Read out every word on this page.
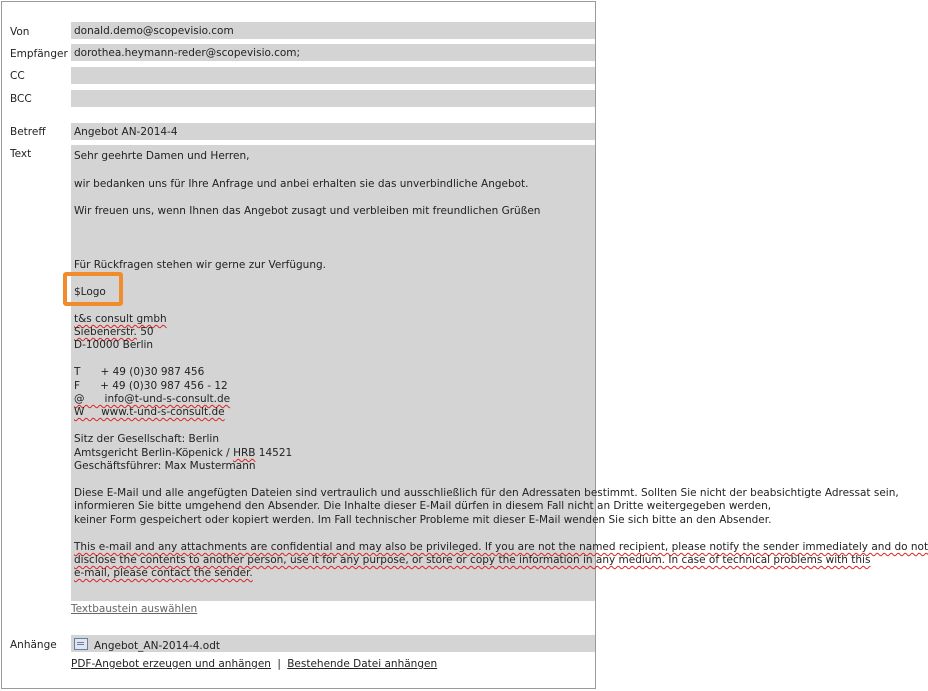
Von	donald.demo@scopevisio.com
Empfänger dorothea.heymann-reder@scopevisio.com;
CC
BCC
Betreff	Angebot AN-2014-4
Text	Sehr geehrte Damen und Herren,
wir bedanken uns für Ihre Anfrage und anbei erhalten sie das unverbindliche Angebot.
Wir freuen uns, wenn Ihnen das Angebot zusagt und verbleiben mit freundlichen Grüßen
Für Rückfragen stehen wir gerne zur Verfügung.
$Logo
t&s consult gmbh
Siebenerstr. 50
D-10000 Berlin
T      + 49 (0)30 987 456
F      + 49 (0)30 987 456 - 12
@      info@t-und-s-consult.de
W     www.t-und-s-consult.de
Sitz der Gesellschaft: Berlin
Amtsgericht Berlin-Köpenick / HRB 14521
Geschäftsführer: Max Mustermann
Diese E-Mail und alle angefügten Dateien sind vertraulich und ausschließlich für den Adressaten bestimmt. Sollten Sie nicht der beabsichtigte Adressat sein,
informieren Sie bitte umgehend den Absender. Die Inhalte dieser E-Mail dürfen in diesem Fall nicht an Dritte weitergegeben werden,
keiner Form gespeichert oder kopiert werden. Im Fall technischer Probleme mit dieser E-Mail wenden Sie sich bitte an den Absender.
This e-mail and any attachments are confidential and may also be privileged. If you are not the named recipient, please notify the sender immediately and do not
disclose the contents to another person, use it for any purpose, or store or copy the information in any medium. In case of technical problems with this
e-mail, please contact the sender.
Textbaustein auswählen
Anhänge	Angebot_AN-2014-4.odt
PDF-Angebot erzeugen und anhängen | Bestehende Datei anhängen
